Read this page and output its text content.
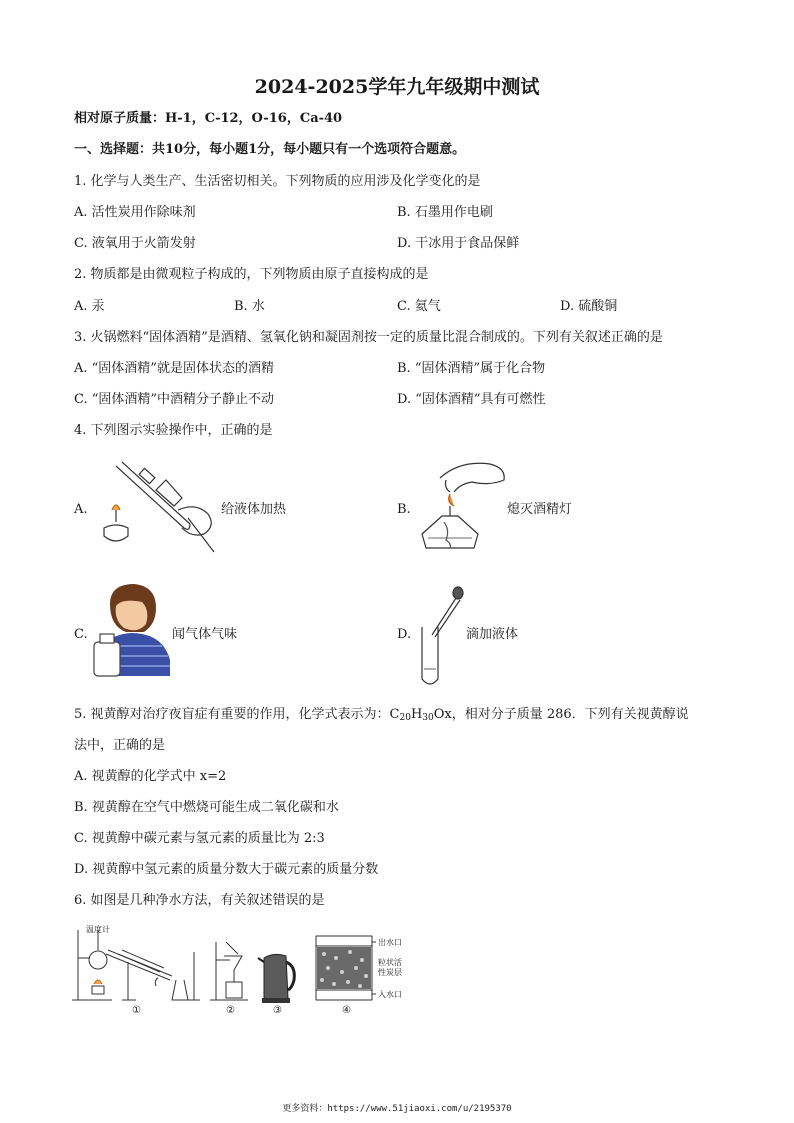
2024-2025学年九年级期中测试
相对原子质量：H-1，C-12，O-16，Ca-40
一、选择题：共10分，每小题1分，每小题只有一个选项符合题意。
1. 化学与人类生产、生活密切相关。下列物质的应用涉及化学变化的是
A. 活性炭用作除味剂	B. 石墨用作电刷
C. 液氧用于火箭发射	D. 干冰用于食品保鲜
2. 物质都是由微观粒子构成的，下列物质由原子直接构成的是
A. 汞	B. 水	C. 氦气	D. 硫酸铜
3. 火锅燃料“固体酒精”是酒精、氢氧化钠和凝固剂按一定的质量比混合制成的。下列有关叙述正确的是
A. “固体酒精”就是固体状态的酒精	B. “固体酒精”属于化合物
C. “固体酒精”中酒精分子静止不动	D. “固体酒精”具有可燃性
4. 下列图示实验操作中，正确的是
A.	给液体加热	B.	熄灭酒精灯
C.	闻气体气味	D.	滴加液体
5. 视黄醇对治疗夜盲症有重要的作用，化学式表示为：$C_{20}H_{30}Ox$，相对分子质量 286．下列有关视黄醇说
法中，正确的是
A. 视黄醇的化学式中 x=2
B. 视黄醇在空气中燃烧可能生成二氧化碳和水
C. 视黄醇中碳元素与氢元素的质量比为 2:3
D. 视黄醇中氢元素的质量分数大于碳元素的质量分数
6. 如图是几种净水方法，有关叙述错误的是
温度计
①	②	③
出水口
粒状活
性炭层
入水口
④
更多资料：https://www.51jiaoxi.com/u/2195370
